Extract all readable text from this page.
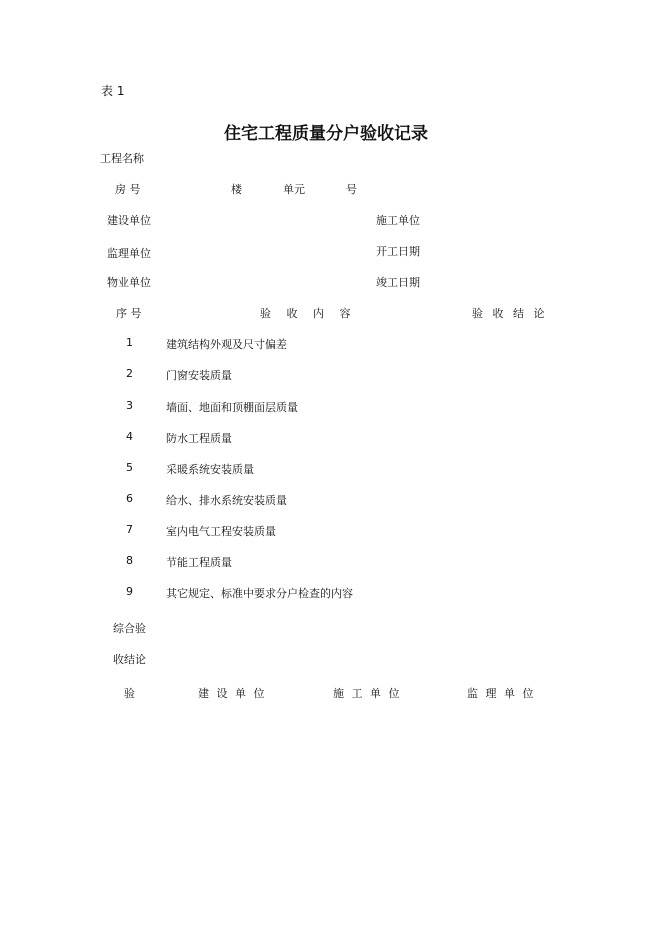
表 1
住宅工程质量分户验收记录
工程名称
房 号	楼	单元	号
建设单位	施工单位
监理单位	开工日期
物业单位	竣工日期
序 号	验 收 内 容	验 收 结 论
1	建筑结构外观及尺寸偏差
2	门窗安装质量
3	墙面、地面和顶棚面层质量
4	防水工程质量
5	采暖系统安装质量
6	给水、排水系统安装质量
7	室内电气工程安装质量
8	节能工程质量
9	其它规定、标准中要求分户检查的内容
综合验
收结论
验	建 设 单 位	施 工 单 位	监 理 单 位
